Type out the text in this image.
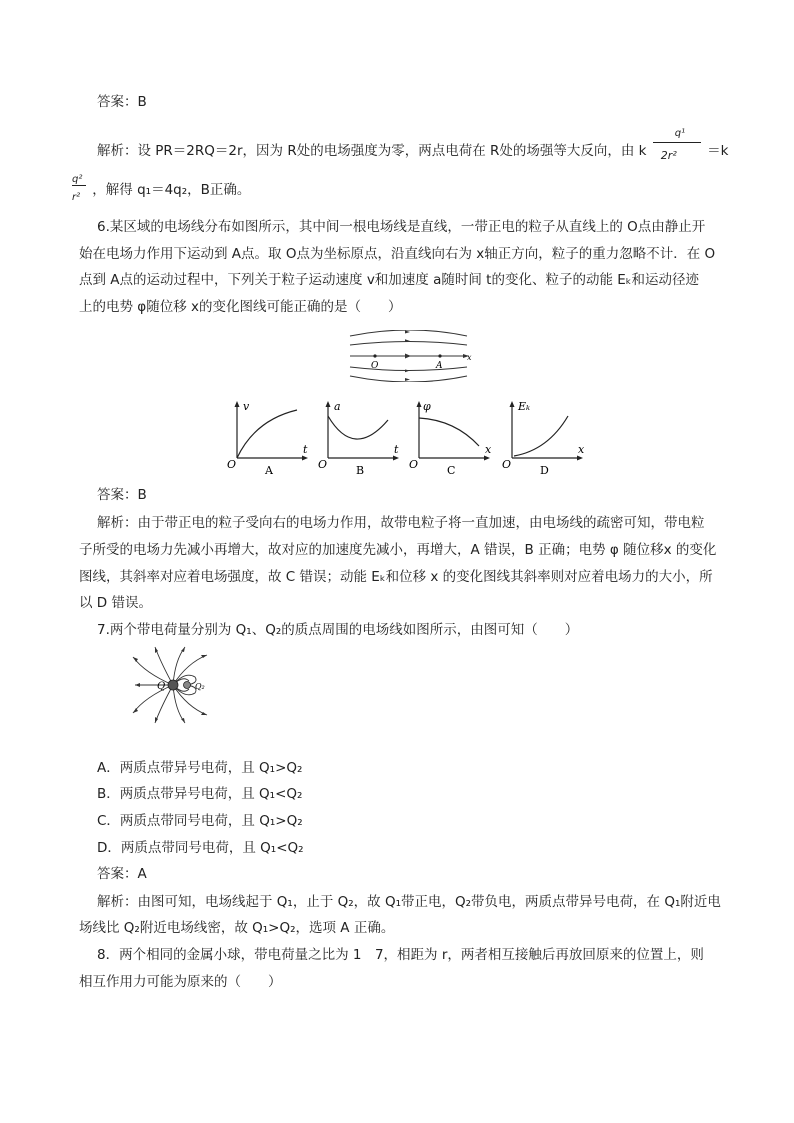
答案：B
解析：设 PR＝2RQ＝2r，因为 R处的电场强度为零，两点电荷在 R处的场强等大反向，由 k
q¹
2r² ＝k
$\frac{\text{q²}}{\text{r²}}$ ，解得 q₁＝4q₂，B正确。
6.某区域的电场线分布如图所示，其中间一根电场线是直线，一带正电的粒子从直线上的 O点由静止开
始在电场力作用下运动到 A点。取 O点为坐标原点，沿直线向右为 x轴正方向，粒子的重力忽略不计．在 O
点到 A点的运动过程中，下列关于粒子运动速度 v和加速度 a随时间 t的变化、粒子的动能 Eₖ和运动径迹
上的电势 φ随位移 x的变化图线可能正确的是（　　）
O	A
x
v
t
O	A
a
t
O	B
φ
x
O	C
Eₖ
O
x
D
答案：B
解析：由于带正电的粒子受向右的电场力作用，故带电粒子将一直加速，由电场线的疏密可知，带电粒
子所受的电场力先减小再增大，故对应的加速度先减小，再增大，A 错误，B 正确；电势 φ 随位移x 的变化
图线，其斜率对应着电场强度，故 C 错误；动能 Eₖ和位移 x 的变化图线其斜率则对应着电场力的大小，所
以 D 错误。
7.两个带电荷量分别为 Q₁、Q₂的质点周围的电场线如图所示，由图可知（　　）
Q	Q₂
A．两质点带异号电荷，且 Q₁>Q₂
B．两质点带异号电荷，且 Q₁<Q₂
C．两质点带同号电荷，且 Q₁>Q₂
D．两质点带同号电荷，且 Q₁<Q₂
答案：A
解析：由图可知，电场线起于 Q₁，止于 Q₂，故 Q₁带正电，Q₂带负电，两质点带异号电荷，在 Q₁附近电
场线比 Q₂附近电场线密，故 Q₁>Q₂，选项 A 正确。
8．两个相同的金属小球，带电荷量之比为 1　7，相距为 r，两者相互接触后再放回原来的位置上，则
相互作用力可能为原来的（　　）
